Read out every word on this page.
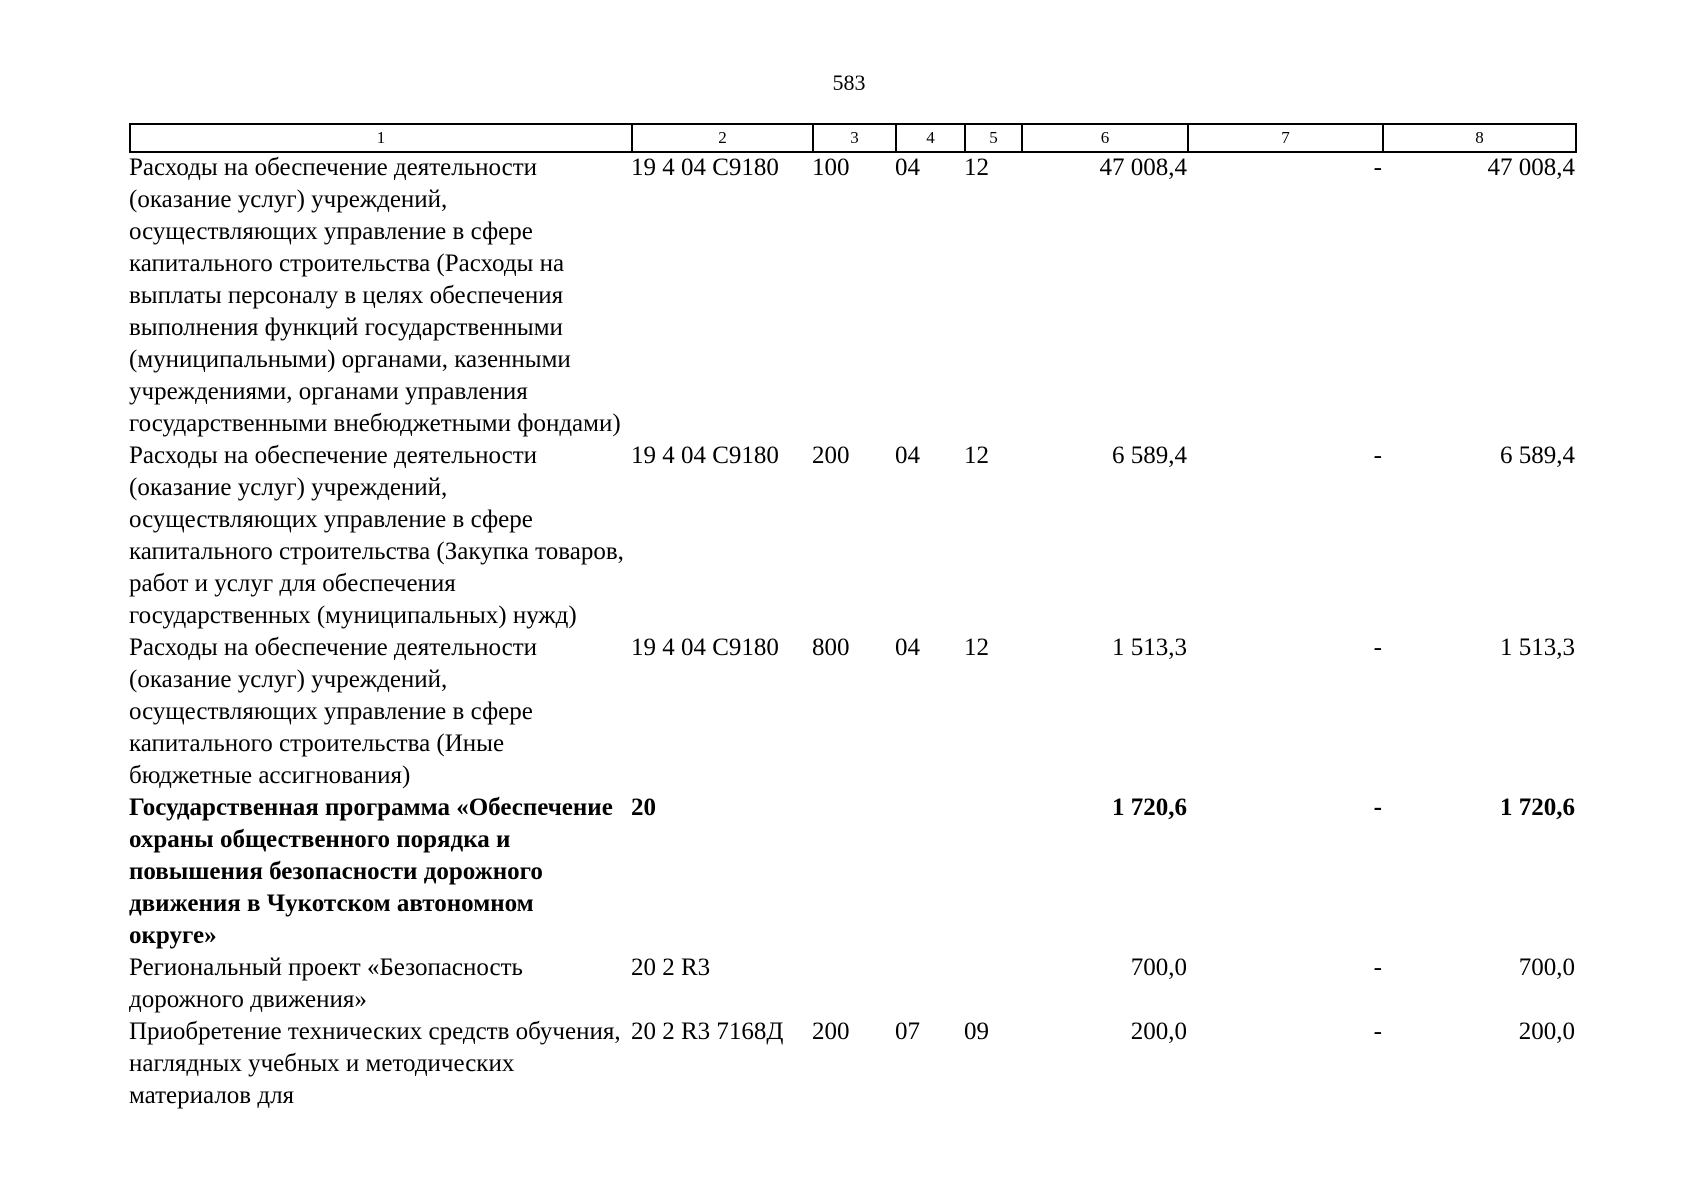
583
1	2	3	4	5	6	7	8
Расходы на обеспечение деятельности (оказание услуг) учреждений, осуществляющих управление в сфере капитального строительства (Расходы на выплаты персоналу в целях обеспечения выполнения функций государственными (муниципальными) органами, казенными учреждениями, органами управления государственными внебюджетными фондами)	19 4 04 С9180	100	04	12	47 008,4	-	47 008,4
Расходы на обеспечение деятельности (оказание услуг) учреждений, осуществляющих управление в сфере капитального строительства (Закупка товаров, работ и услуг для обеспечения государственных (муниципальных) нужд)	19 4 04 С9180	200	04	12	6 589,4	-	6 589,4
Расходы на обеспечение деятельности (оказание услуг) учреждений, осуществляющих управление в сфере капитального строительства (Иные бюджетные ассигнования)	19 4 04 С9180	800	04	12	1 513,3	-	1 513,3
Государственная программа «Обеспечение охраны общественного порядка и повышения безопасности дорожного движения в Чукотском автономном округе»	20				1 720,6	-	1 720,6
Региональный проект «Безопасность дорожного движения»	20 2 R3				700,0	-	700,0
Приобретение технических средств обучения, наглядных учебных и методических материалов для	20 2 R3 7168Д	200	07	09	200,0	-	200,0
